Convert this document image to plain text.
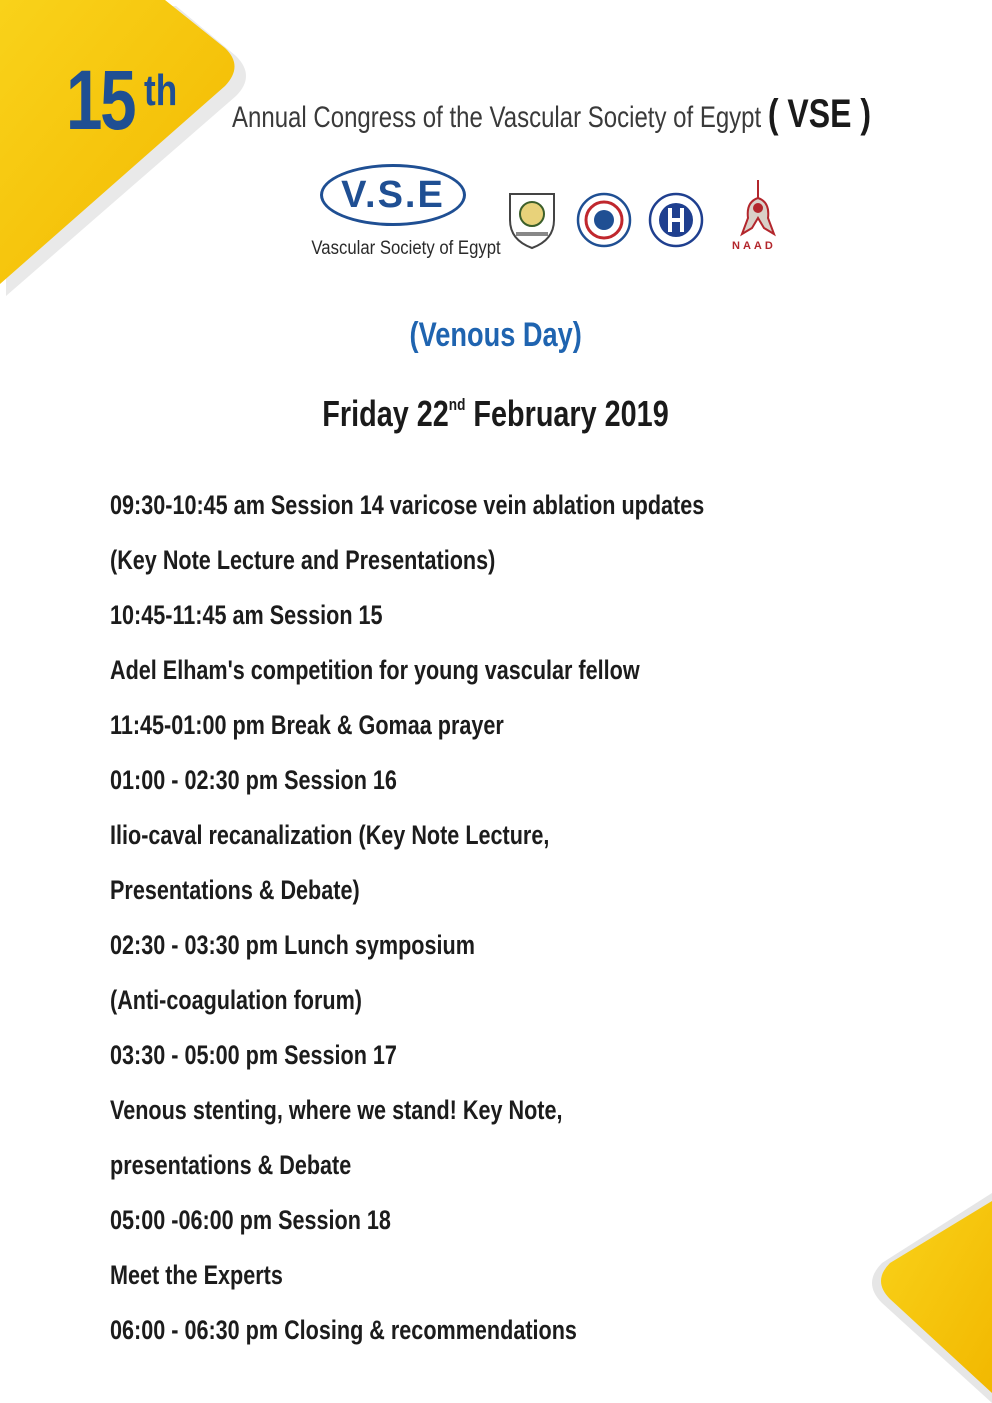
15 th
Annual Congress of the Vascular Society of Egypt ( VSE )
V.S.E
Vascular Society of Egypt	NAAD
(Venous Day)
Friday 22nd February 2019
09:30-10:45 am Session 14 varicose vein ablation updates
(Key Note Lecture and Presentations)
10:45-11:45 am Session 15
Adel Elham's competition for young vascular fellow
11:45-01:00 pm Break & Gomaa prayer
01:00 - 02:30 pm Session 16
Ilio-caval recanalization (Key Note Lecture,
Presentations & Debate)
02:30 - 03:30 pm Lunch symposium
(Anti-coagulation forum)
03:30 - 05:00 pm Session 17
Venous stenting, where we stand! Key Note,
presentations & Debate
05:00 -06:00 pm Session 18
Meet the Experts
06:00 - 06:30 pm Closing & recommendations
